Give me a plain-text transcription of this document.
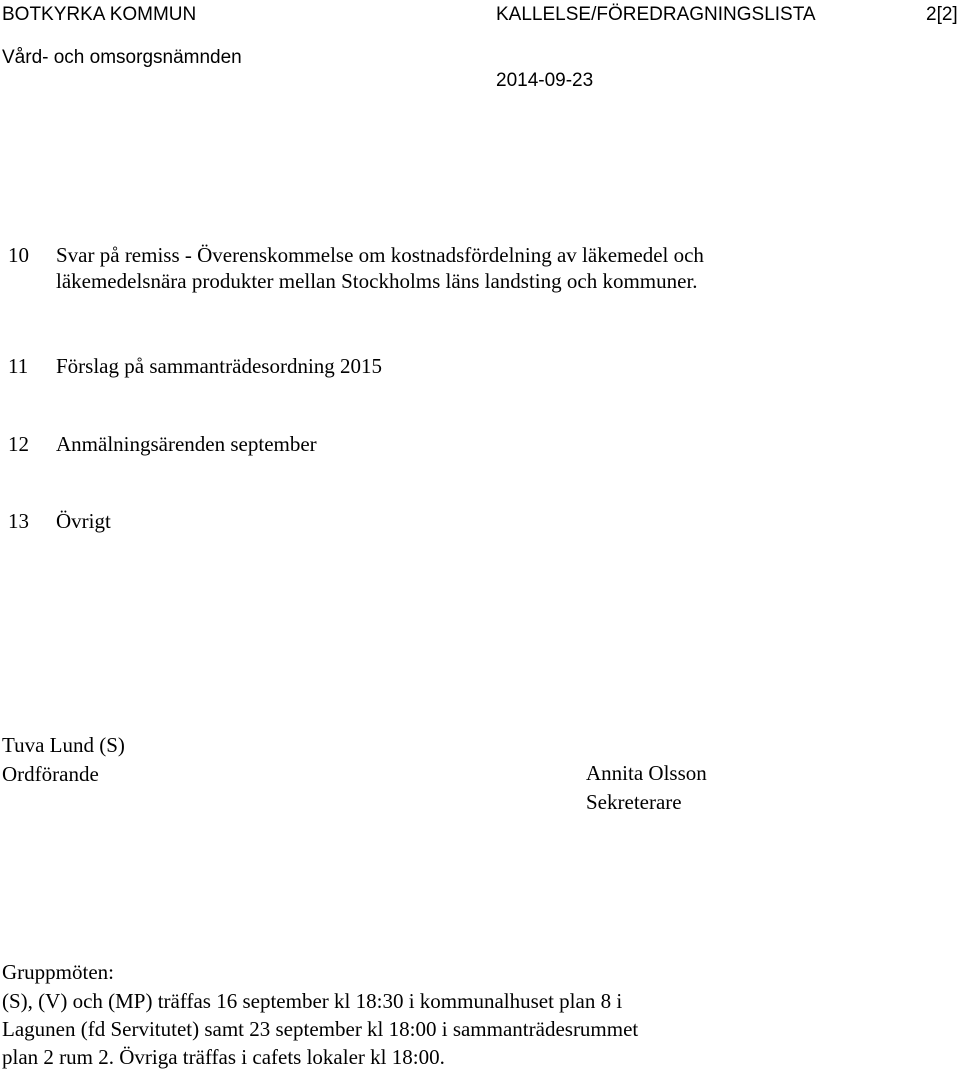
BOTKYRKA KOMMUN	KALLELSE/FÖREDRAGNINGSLISTA	2[2]
Vård- och omsorgsnämnden
2014-09-23
10 Svar på remiss - Överenskommelse om kostnadsfördelning av läkemedel och
läkemedelsnära produkter mellan Stockholms läns landsting och kommuner.
11 Förslag på sammanträdesordning 2015
12 Anmälningsärenden september
13 Övrigt
Tuva Lund (S)
Ordförande	Annita Olsson
Sekreterare
Gruppmöten:
(S), (V) och (MP) träffas 16 september kl 18:30 i kommunalhuset plan 8 i
Lagunen (fd Servitutet) samt 23 september kl 18:00 i sammanträdesrummet
plan 2 rum 2. Övriga träffas i cafets lokaler kl 18:00.
